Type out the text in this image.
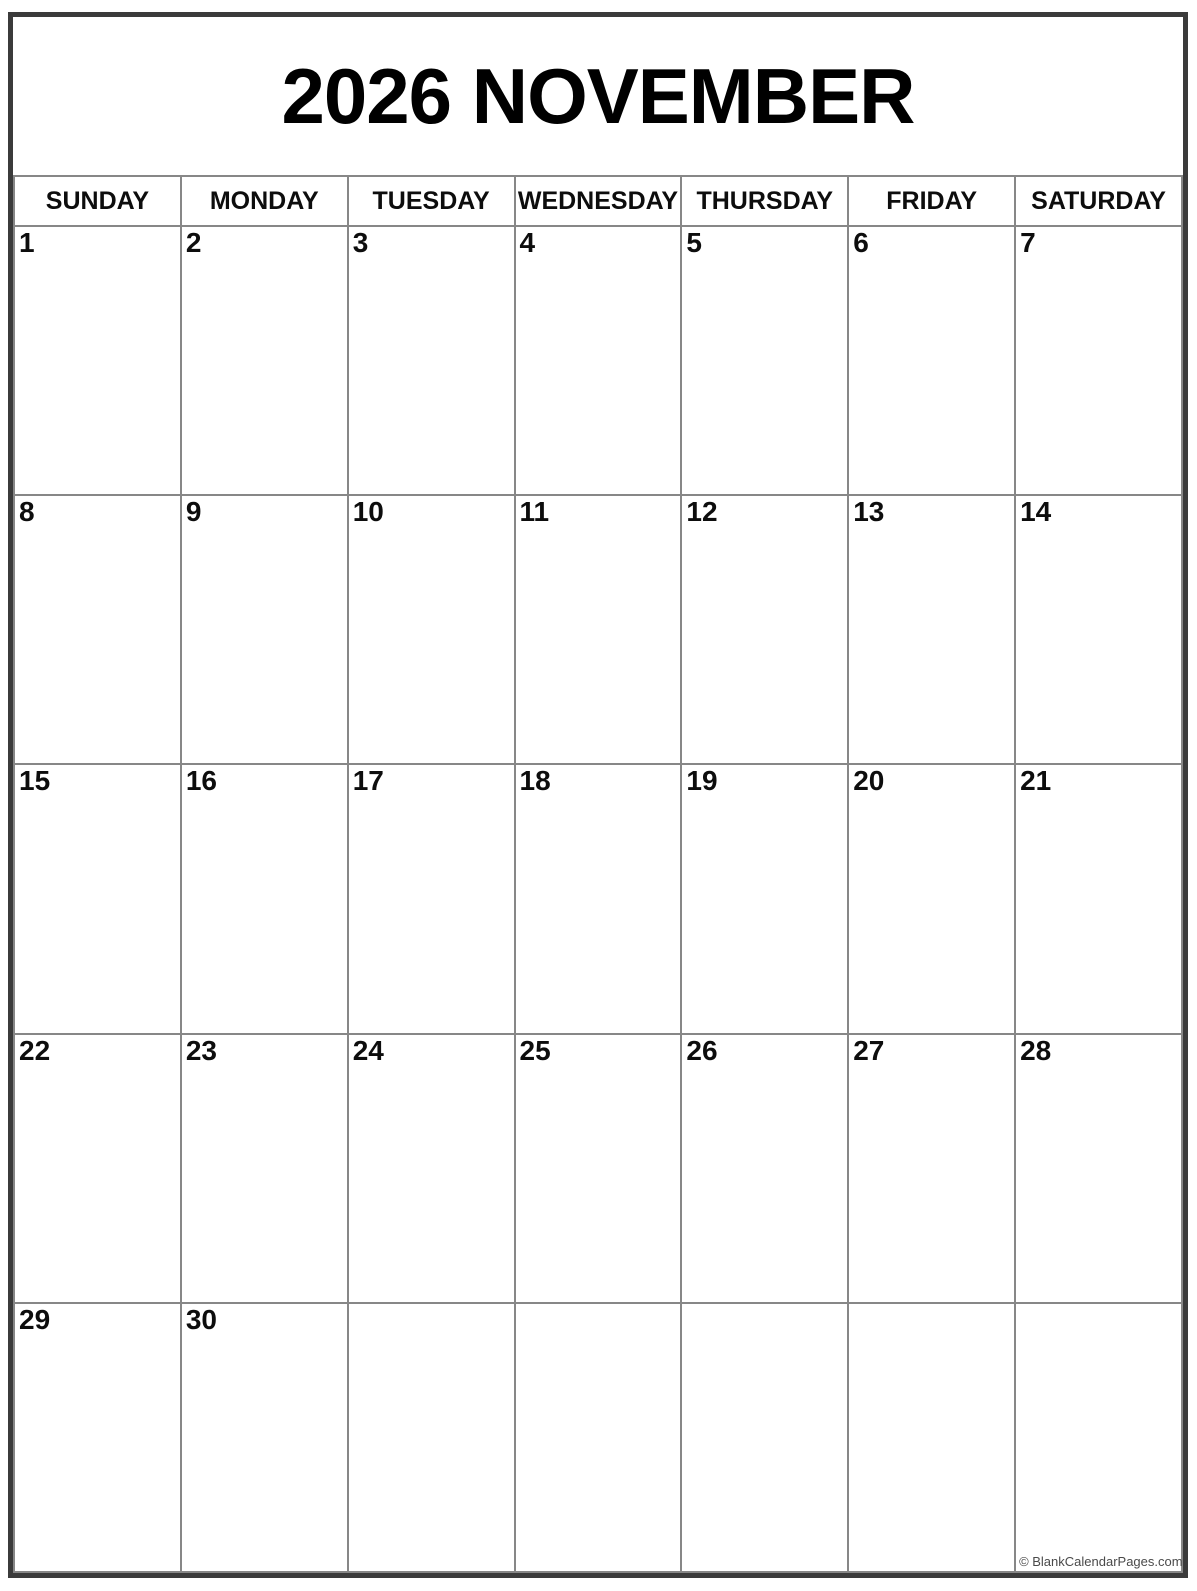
2026 NOVEMBER
SUNDAY	MONDAY	TUESDAY	WEDNESDAY	THURSDAY	FRIDAY	SATURDAY

1	2	3	4	5	6	7

8	9	10	11	12	13	14

15	16	17	18	19	20	21

22	23	24	25	26	27	28

29	30					© BlankCalendarPages.com
